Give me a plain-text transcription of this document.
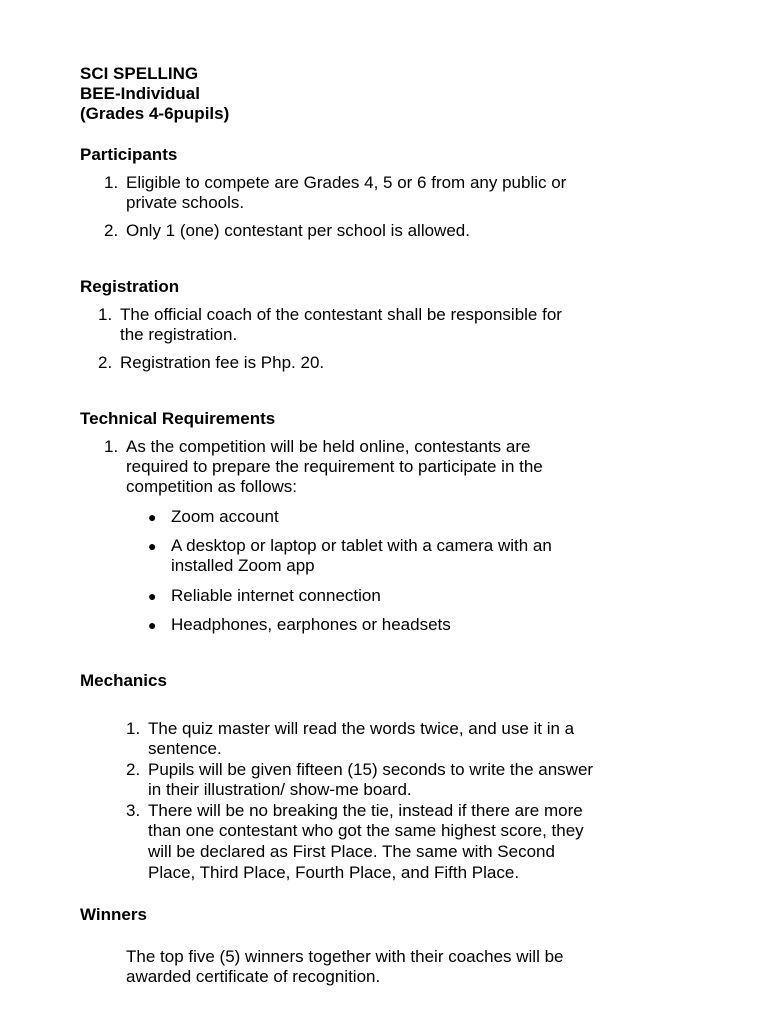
SCI SPELLING
BEE-Individual
(Grades 4-6pupils)
Participants
1. Eligible to compete are Grades 4, 5 or 6 from any public or
private schools.
2. Only 1 (one) contestant per school is allowed.
Registration
1. The official coach of the contestant shall be responsible for
the registration.
2. Registration fee is Php. 20.
Technical Requirements
1. As the competition will be held online, contestants are
required to prepare the requirement to participate in the
competition as follows:
● Zoom account
● A desktop or laptop or tablet with a camera with an
installed Zoom app
● Reliable internet connection
● Headphones, earphones or headsets
Mechanics
1. The quiz master will read the words twice, and use it in a
sentence.
2. Pupils will be given fifteen (15) seconds to write the answer
in their illustration/ show-me board.
3. There will be no breaking the tie, instead if there are more
than one contestant who got the same highest score, they
will be declared as First Place. The same with Second
Place, Third Place, Fourth Place, and Fifth Place.
Winners
The top five (5) winners together with their coaches will be
awarded certificate of recognition.
